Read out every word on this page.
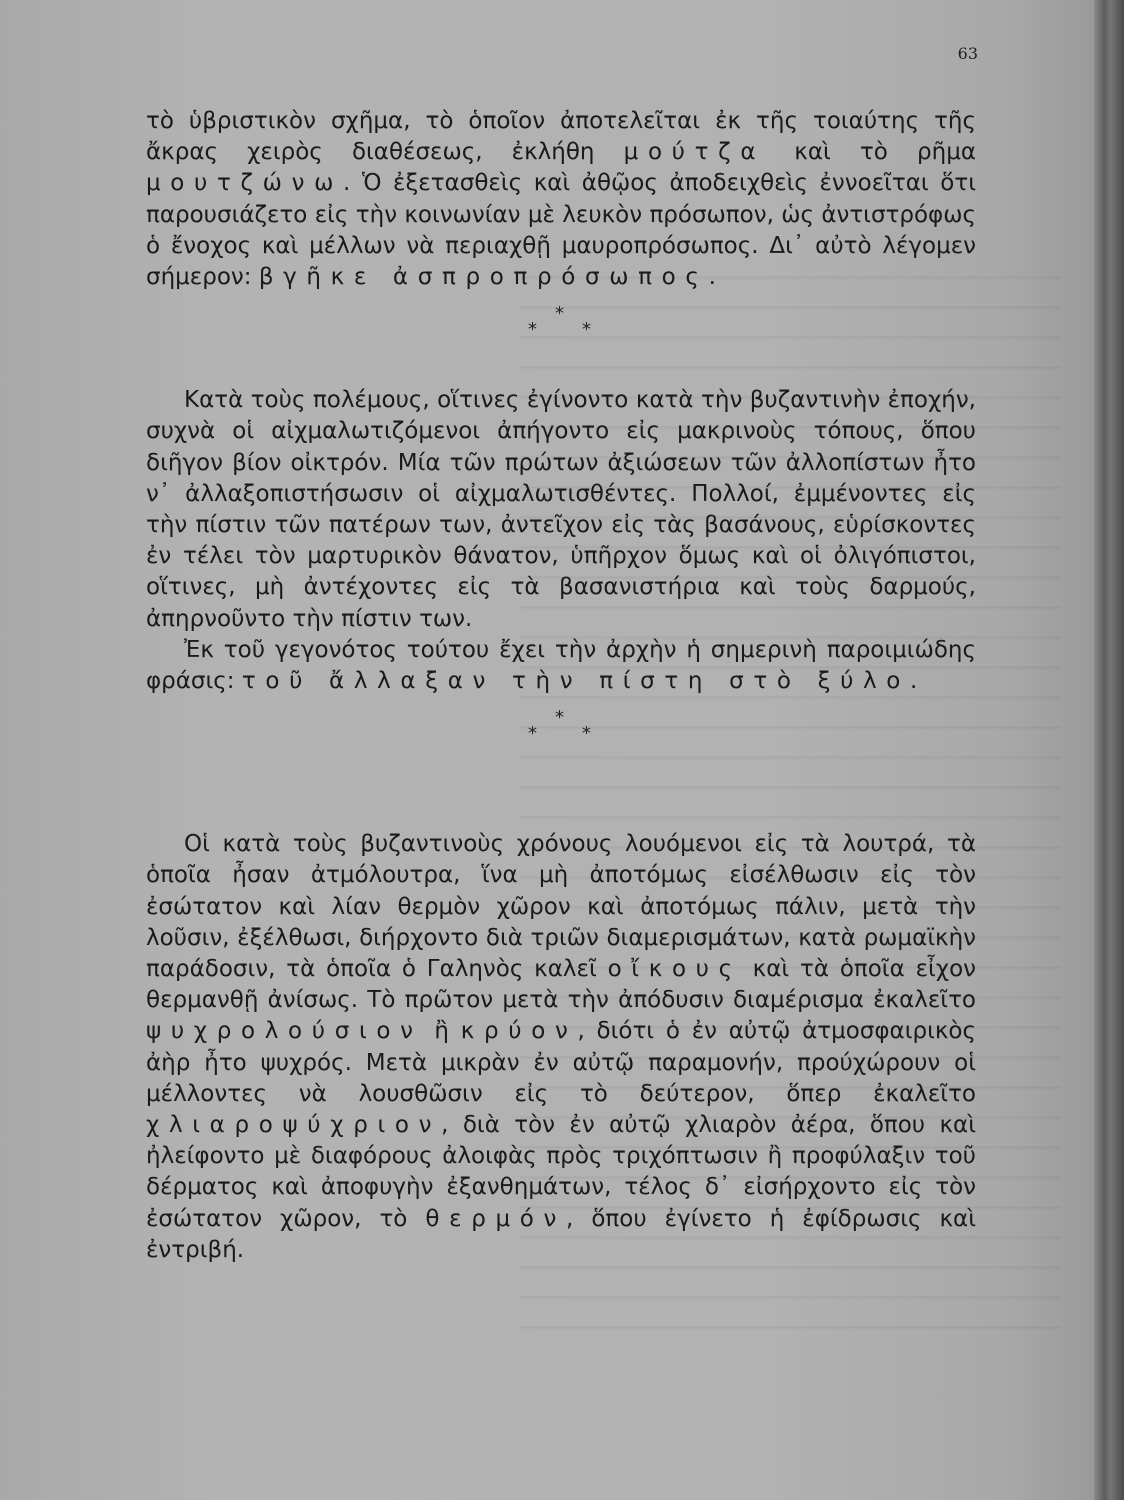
63

τὸ ὑβριστικὸν σχῆμα, τὸ ὁποῖον ἀποτελεῖται ἐκ τῆς τοιαύτης τῆς ἄκρας χειρὸς διαθέσεως, ἐκλήθη μούτζα καὶ τὸ ρῆμα μουτζώνω. Ὁ ἐξετασθεὶς καὶ ἀθῷος ἀποδειχθεὶς ἐννοεῖται ὅτι παρουσιάζετο εἰς τὴν κοινωνίαν μὲ λευκὸν πρόσωπον, ὡς ἀντιστρόφως ὁ ἔνοχος καὶ μέλλων νὰ περιαχθῇ μαυροπρόσωπος. Δι᾿ αὐτὸ λέγομεν σήμερον: βγῆκε ἀσπροπρόσωπος.

*
*
*

Κατὰ τοὺς πολέμους, οἵτινες ἐγίνοντο κατὰ τὴν βυζαντινὴν ἐποχήν, συχνὰ οἱ αἰχμαλωτιζόμενοι ἀπήγοντο εἰς μακρινοὺς τόπους, ὅπου διῆγον βίον οἰκτρόν. Μία τῶν πρώτων ἀξιώσεων τῶν ἀλλοπίστων ἦτο ν᾿ ἀλλαξοπιστήσωσιν οἱ αἰχμαλωτισθέντες. Πολλοί, ἐμμένοντες εἰς τὴν πίστιν τῶν πατέρων των, ἀντεῖχον εἰς τὰς βασάνους, εὑρίσκοντες ἐν τέλει τὸν μαρτυρικὸν θάνατον, ὑπῆρχον ὅμως καὶ οἱ ὀλιγόπιστοι, οἵτινες, μὴ ἀντέχοντες εἰς τὰ βασανιστήρια καὶ τοὺς δαρμούς, ἀπηρνοῦντο τὴν πίστιν των.

Ἐκ τοῦ γεγονότος τούτου ἔχει τὴν ἀρχὴν ἡ σημερινὴ παροιμιώδης φράσις: τοῦ ἄλλαξαν τὴν πίστη στὸ ξύλο.

*
*
*

Οἱ κατὰ τοὺς βυζαντινοὺς χρόνους λουόμενοι εἰς τὰ λουτρά, τὰ ὁποῖα ἦσαν ἀτμόλουτρα, ἵνα μὴ ἀποτόμως εἰσέλθωσιν εἰς τὸν ἐσώτατον καὶ λίαν θερμὸν χῶρον καὶ ἀποτόμως πάλιν, μετὰ τὴν λοῦσιν, ἐξέλθωσι, διήρχοντο διὰ τριῶν διαμερισμάτων, κατὰ ρωμαϊκὴν παράδοσιν, τὰ ὁποῖα ὁ Γαληνὸς καλεῖ οἴκους καὶ τὰ ὁποῖα εἶχον θερμανθῇ ἀνίσως. Τὸ πρῶτον μετὰ τὴν ἀπόδυσιν διαμέρισμα ἐκαλεῖτο ψυχρολούσιον ἢ κρύον, διότι ὁ ἐν αὐτῷ ἀτμοσφαιρικὸς ἀὴρ ἦτο ψυχρός. Μετὰ μικρὰν ἐν αὐτῷ παραμονήν, προύχώρουν οἱ μέλλοντες νὰ λουσθῶσιν εἰς τὸ δεύτερον, ὅπερ ἐκαλεῖτο χλιαροψύχριον, διὰ τὸν ἐν αὐτῷ χλιαρὸν ἀέρα, ὅπου καὶ ἠλείφοντο μὲ διαφόρους ἀλοιφὰς πρὸς τριχόπτωσιν ἢ προφύλαξιν τοῦ δέρματος καὶ ἀποφυγὴν ἐξανθημάτων, τέλος δ᾿ εἰσήρχοντο εἰς τὸν ἐσώτατον χῶρον, τὸ θερμόν, ὅπου ἐγίνετο ἡ ἐφίδρωσις καὶ ἐντριβή.
